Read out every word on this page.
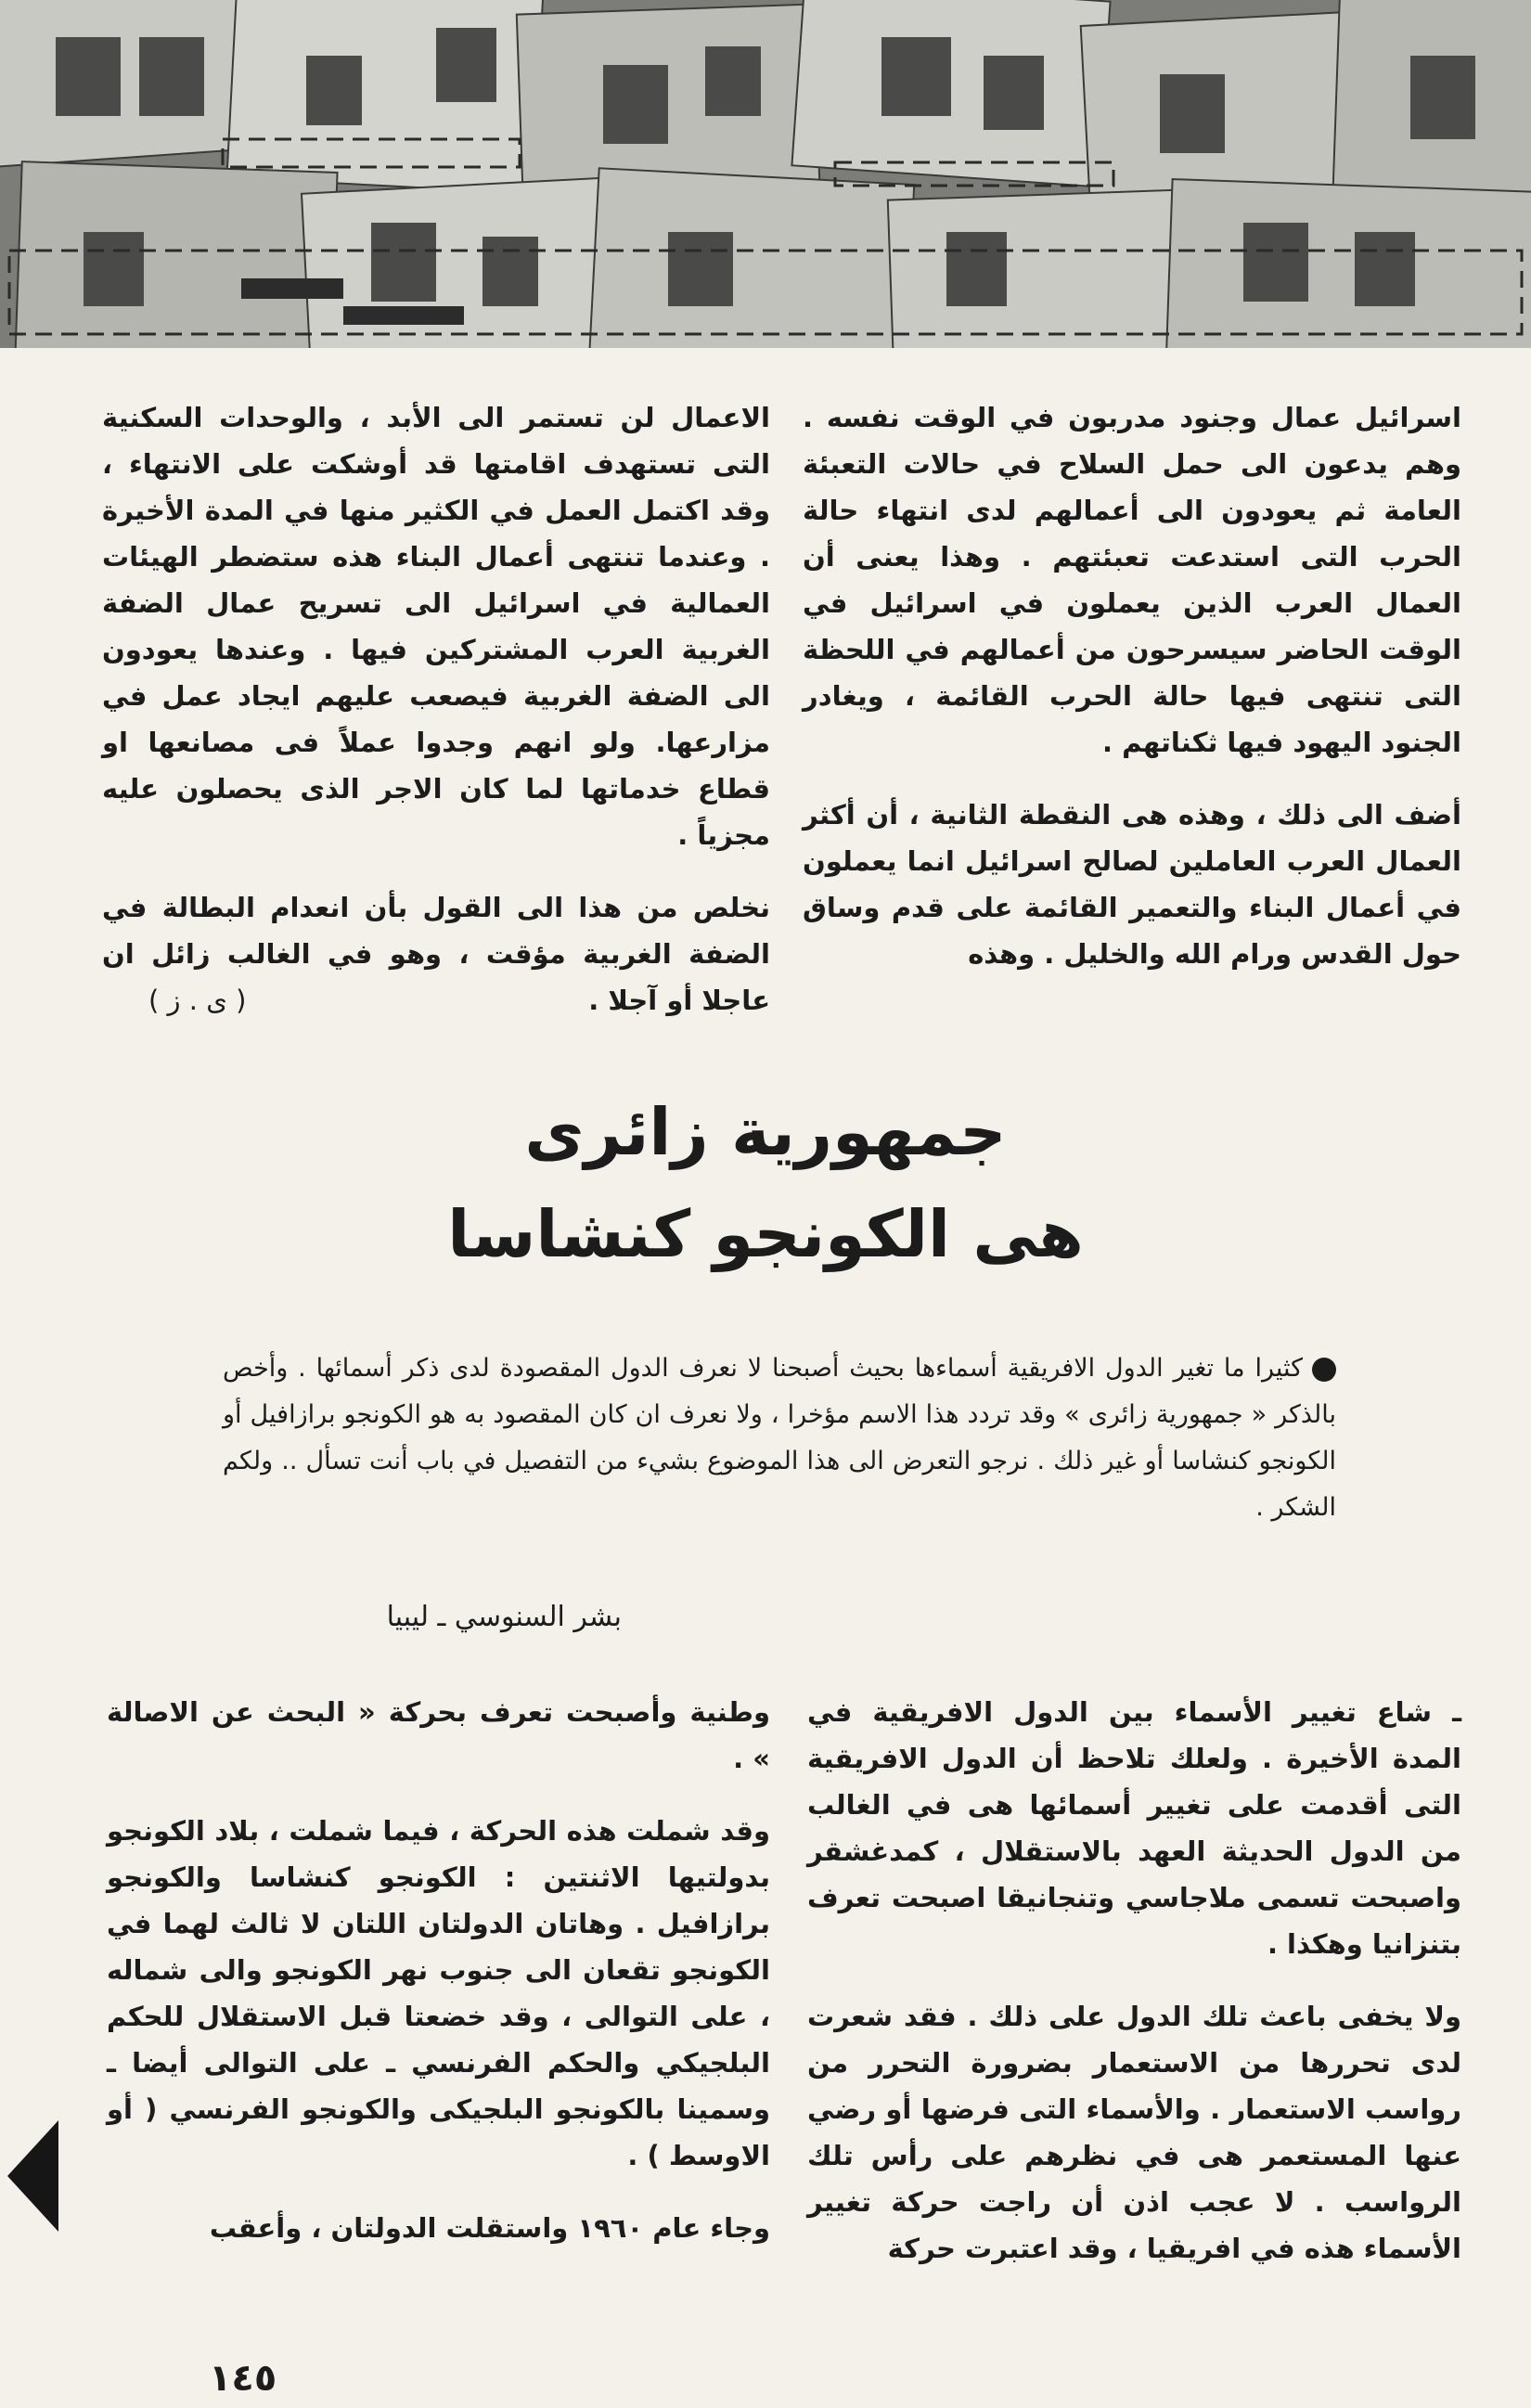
اسرائيل عمال وجنود مدربون في الوقت نفسه . وهم يدعون الى حمل السلاح في حالات التعبئة العامة ثم يعودون الى أعمالهم لدى انتهاء حالة الحرب التى استدعت تعبئتهم . وهذا يعنى أن العمال العرب الذين يعملون في اسرائيل في الوقت الحاضر سيسرحون من أعمالهم في اللحظة التى تنتهى فيها حالة الحرب القائمة ، ويغادر الجنود اليهود فيها ثكناتهم .

أضف الى ذلك ، وهذه هى النقطة الثانية ، أن أكثر العمال العرب العاملين لصالح اسرائيل انما يعملون في أعمال البناء والتعمير القائمة على قدم وساق حول القدس ورام الله والخليل . وهذه

الاعمال لن تستمر الى الأبد ، والوحدات السكنية التى تستهدف اقامتها قد أوشكت على الانتهاء ، وقد اكتمل العمل في الكثير منها في المدة الأخيرة . وعندما تنتهى أعمال البناء هذه ستضطر الهيئات العمالية في اسرائيل الى تسريح عمال الضفة الغربية العرب المشتركين فيها . وعندها يعودون الى الضفة الغربية فيصعب عليهم ايجاد عمل في مزارعها. ولو انهم وجدوا عملاً فى مصانعها او قطاع خدماتها لما كان الاجر الذى يحصلون عليه مجزياً .

نخلص من هذا الى القول بأن انعدام البطالة في الضفة الغربية مؤقت ، وهو في الغالب زائل ان عاجلا أو آجلا .
( ى . ز )

جمهورية زائرى
هى الكونجو كنشاسا
كثيرا ما تغير الدول الافريقية أسماءها بحيث أصبحنا لا نعرف الدول المقصودة لدى ذكر أسمائها . وأخص بالذكر « جمهورية زائرى » وقد تردد هذا الاسم مؤخرا ، ولا نعرف ان كان المقصود به هو الكونجو برازافيل أو الكونجو كنشاسا أو غير ذلك . نرجو التعرض الى هذا الموضوع بشيء من التفصيل في باب أنت تسأل .. ولكم الشكر .
بشر السنوسي ـ ليبيا

ـ شاع تغيير الأسماء بين الدول الافريقية في المدة الأخيرة . ولعلك تلاحظ أن الدول الافريقية التى أقدمت على تغيير أسمائها هى في الغالب من الدول الحديثة العهد بالاستقلال ، كمدغشقر واصبحت تسمى ملاجاسي وتنجانيقا اصبحت تعرف بتنزانيا وهكذا .

ولا يخفى باعث تلك الدول على ذلك . فقد شعرت لدى تحررها من الاستعمار بضرورة التحرر من رواسب الاستعمار . والأسماء التى فرضها أو رضي عنها المستعمر هى في نظرهم على رأس تلك الرواسب . لا عجب اذن أن راجت حركة تغيير الأسماء هذه في افريقيا ، وقد اعتبرت حركة

وطنية وأصبحت تعرف بحركة « البحث عن الاصالة » .

وقد شملت هذه الحركة ، فيما شملت ، بلاد الكونجو بدولتيها الاثنتين : الكونجو كنشاسا والكونجو برازافيل . وهاتان الدولتان اللتان لا ثالث لهما في الكونجو تقعان الى جنوب نهر الكونجو والى شماله ، على التوالى ، وقد خضعتا قبل الاستقلال للحكم البلجيكي والحكم الفرنسي ـ على التوالى أيضا ـ وسمينا بالكونجو البلجيكى والكونجو الفرنسي ( أو الاوسط ) .

وجاء عام ١٩٦٠ واستقلت الدولتان ، وأعقب

١٤٥
